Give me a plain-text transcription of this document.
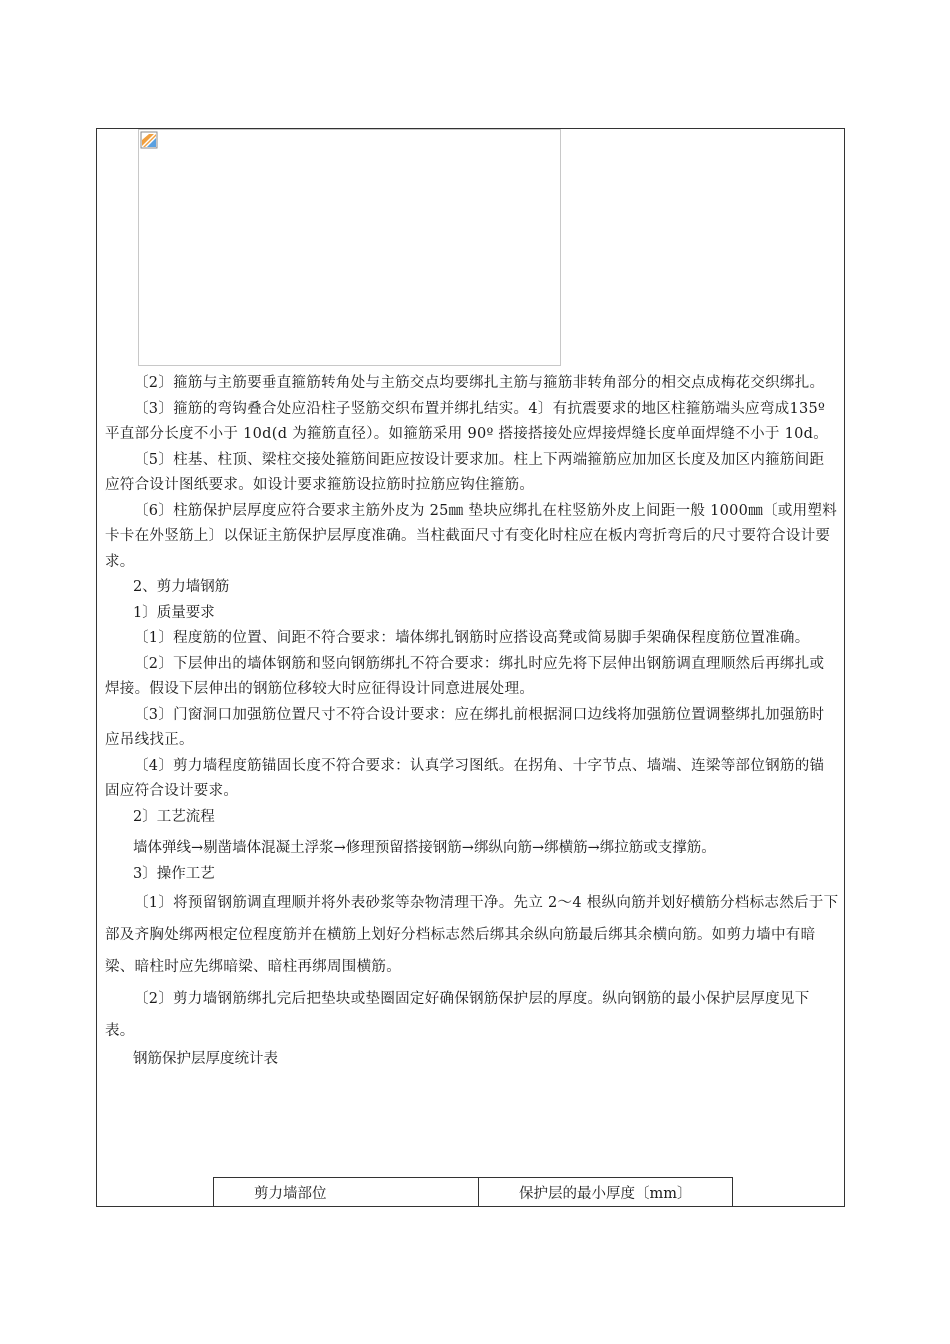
〔2〕箍筋与主筋要垂直箍筋转角处与主筋交点均要绑扎主筋与箍筋非转角部分的相交点成梅花交织绑扎。

〔3〕箍筋的弯钩叠合处应沿柱子竖筋交织布置并绑扎结实。4〕有抗震要求的地区柱箍筋端头应弯成135º 平直部分长度不小于 10d(d 为箍筋直径）。如箍筋采用 90º 搭接搭接处应焊接焊缝长度单面焊缝不小于 10d。

〔5〕柱基、柱顶、梁柱交接处箍筋间距应按设计要求加。柱上下两端箍筋应加加区长度及加区内箍筋间距应符合设计图纸要求。如设计要求箍筋设拉筋时拉筋应钩住箍筋。

〔6〕柱筋保护层厚度应符合要求主筋外皮为 25㎜ 垫块应绑扎在柱竖筋外皮上间距一般 1000㎜〔或用塑料卡卡在外竖筋上〕以保证主筋保护层厚度准确。当柱截面尺寸有变化时柱应在板内弯折弯后的尺寸要符合设计要求。

2、剪力墙钢筋

1〕质量要求

〔1〕程度筋的位置、间距不符合要求：墙体绑扎钢筋时应搭设高凳或简易脚手架确保程度筋位置准确。

〔2〕下层伸出的墙体钢筋和竖向钢筋绑扎不符合要求：绑扎时应先将下层伸出钢筋调直理顺然后再绑扎或焊接。假设下层伸出的钢筋位移较大时应征得设计同意进展处理。

〔3〕门窗洞口加强筋位置尺寸不符合设计要求：应在绑扎前根据洞口边线将加强筋位置调整绑扎加强筋时应吊线找正。

〔4〕剪力墙程度筋锚固长度不符合要求：认真学习图纸。在拐角、十字节点、墙端、连梁等部位钢筋的锚固应符合设计要求。

2〕工艺流程

墙体弹线→剔凿墙体混凝土浮浆→修理预留搭接钢筋→绑纵向筋→绑横筋→绑拉筋或支撑筋。

3〕操作工艺

〔1〕将预留钢筋调直理顺并将外表砂浆等杂物清理干净。先立 2～4 根纵向筋并划好横筋分档标志然后于下部及齐胸处绑两根定位程度筋并在横筋上划好分档标志然后绑其余纵向筋最后绑其余横向筋。如剪力墙中有暗梁、暗柱时应先绑暗梁、暗柱再绑周围横筋。

〔2〕剪力墙钢筋绑扎完后把垫块或垫圈固定好确保钢筋保护层的厚度。纵向钢筋的最小保护层厚度见下表。

钢筋保护层厚度统计表

剪力墙部位	保护层的最小厚度〔mm〕
